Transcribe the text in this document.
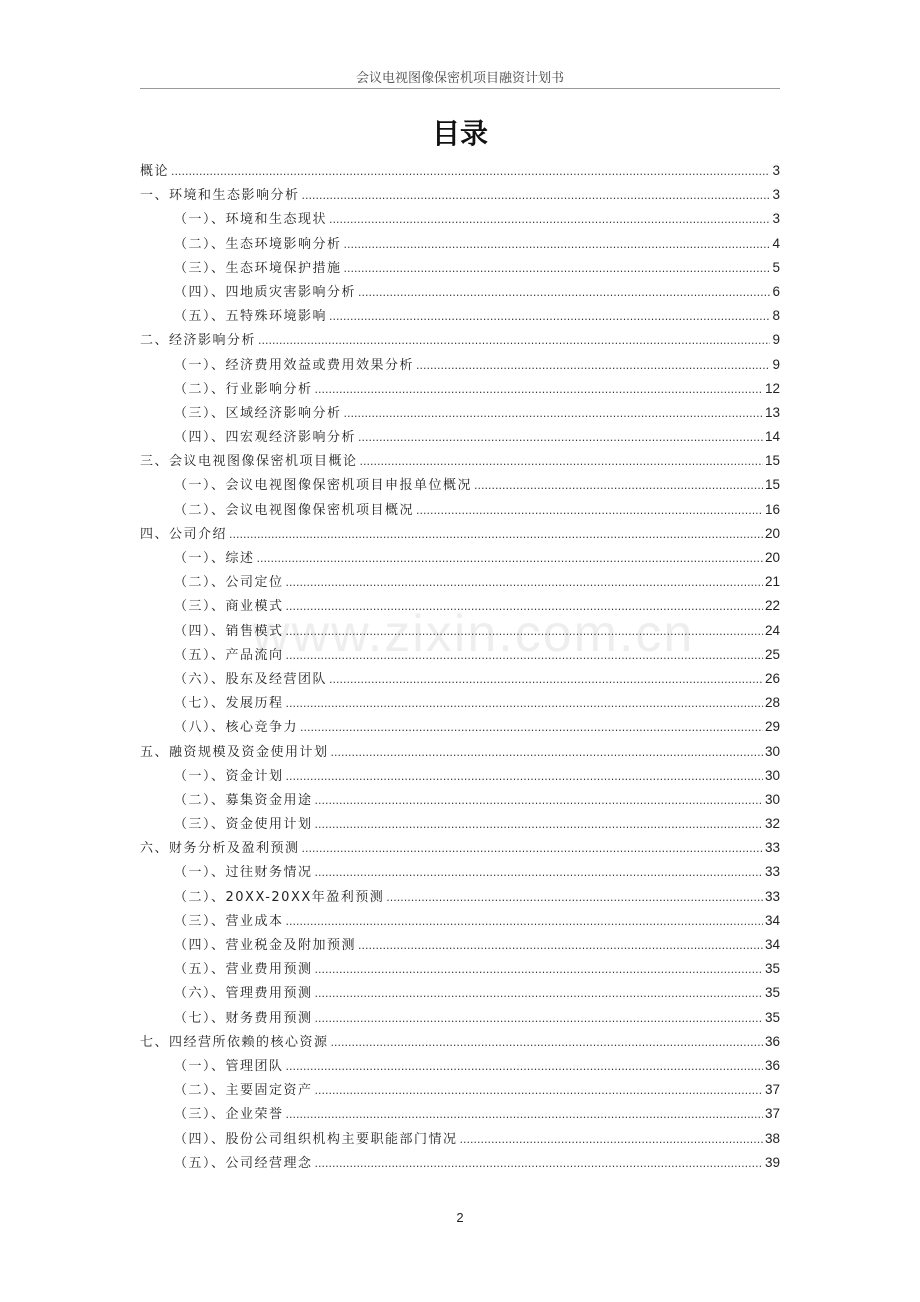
会议电视图像保密机项目融资计划书
目录
www.zixin.com.cn
概论 .....	3
一、环境和生态影响分析 .....	3
（一）、环境和生态现状 .....	3
（二）、生态环境影响分析 .....	4
（三）、生态环境保护措施 .....	5
（四）、四地质灾害影响分析 .....	6
（五）、五特殊环境影响 .....	8
二、经济影响分析 .....	9
（一）、经济费用效益或费用效果分析 .....	9
（二）、行业影响分析 .....	12
（三）、区域经济影响分析 .....	13
（四）、四宏观经济影响分析 .....	14
三、会议电视图像保密机项目概论 .....	15
（一）、会议电视图像保密机项目申报单位概况 .....	15
（二）、会议电视图像保密机项目概况 .....	16
四、公司介绍 .....	20
（一）、综述 .....	20
（二）、公司定位 .....	21
（三）、商业模式 .....	22
（四）、销售模式 .....	24
（五）、产品流向 .....	25
（六）、股东及经营团队 .....	26
（七）、发展历程 .....	28
（八）、核心竞争力 .....	29
五、融资规模及资金使用计划 .....	30
（一）、资金计划 .....	30
（二）、募集资金用途 .....	30
（三）、资金使用计划 .....	32
六、财务分析及盈利预测 .....	33
（一）、过往财务情况 .....	33
（二）、20XX-20XX年盈利预测 .....	33
（三）、营业成本 .....	34
（四）、营业税金及附加预测 .....	34
（五）、营业费用预测 .....	35
（六）、管理费用预测 .....	35
（七）、财务费用预测 .....	35
七、四经营所依赖的核心资源 .....	36
（一）、管理团队 .....	36
（二）、主要固定资产 .....	37
（三）、企业荣誉 .....	37
（四）、股份公司组织机构主要职能部门情况 .....	38
（五）、公司经营理念 .....	39
2
